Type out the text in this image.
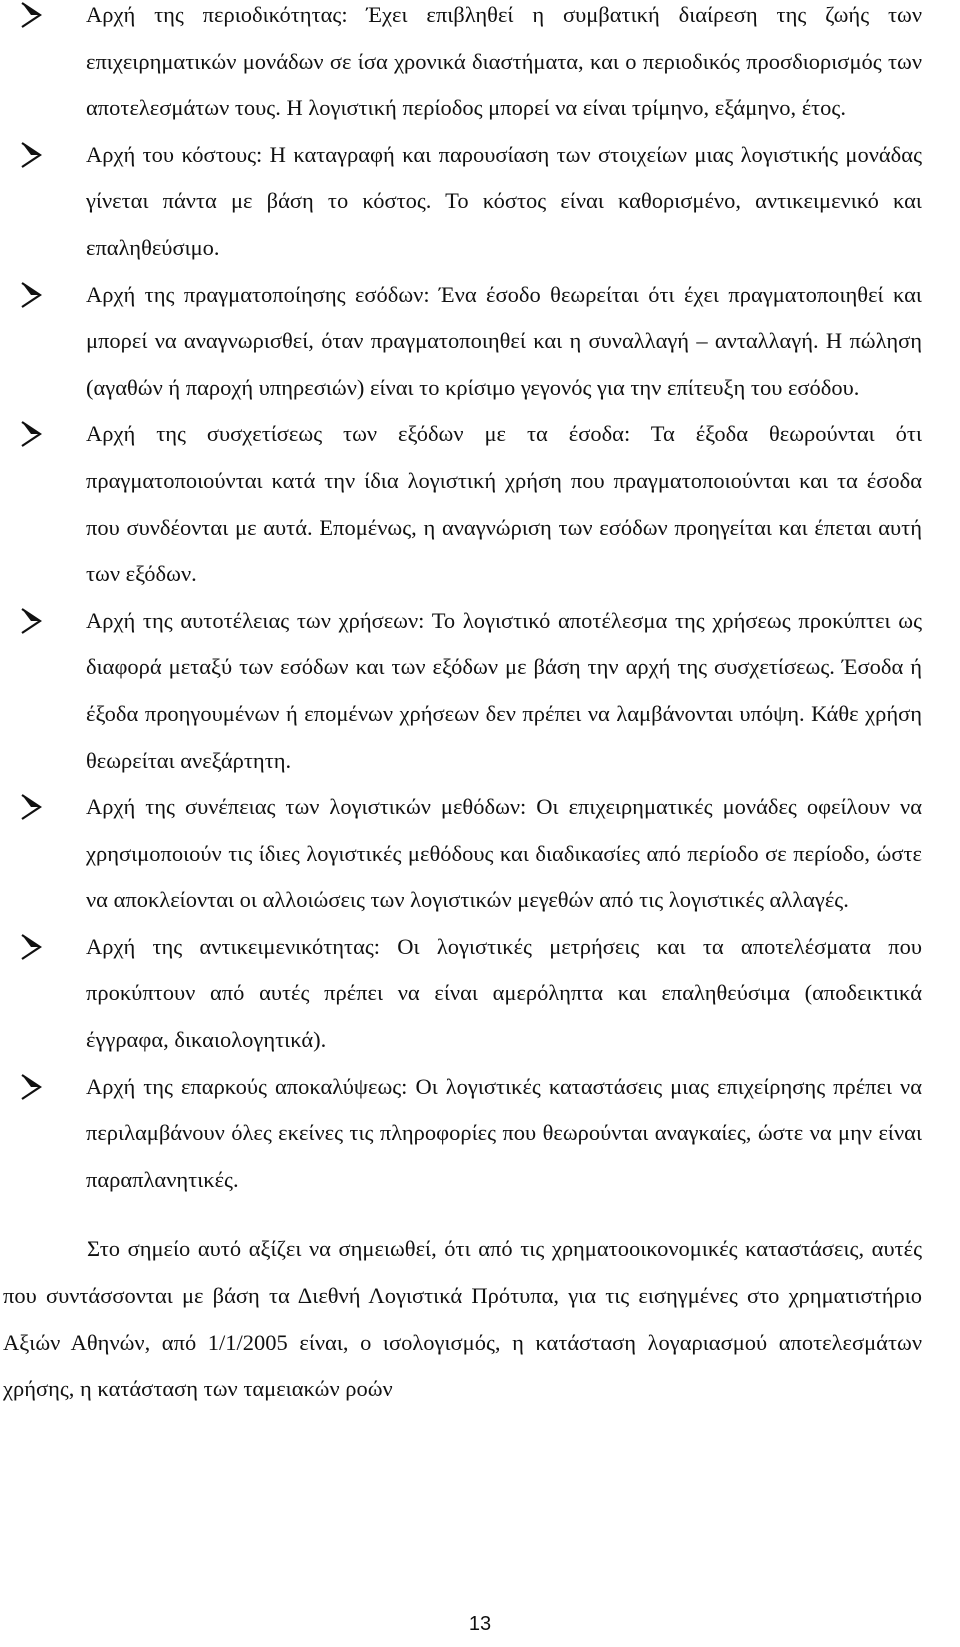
Αρχή της περιοδικότητας: Έχει επιβληθεί η συμβατική διαίρεση της ζωής των επιχειρηματικών μονάδων σε ίσα χρονικά διαστήματα, και ο περιοδικός προσδιορισμός των αποτελεσμάτων τους. Η λογιστική περίοδος μπορεί να είναι τρίμηνο, εξάμηνο, έτος.
Αρχή του κόστους: Η καταγραφή και παρουσίαση των στοιχείων μιας λογιστικής μονάδας γίνεται πάντα με βάση το κόστος. Το κόστος είναι καθορισμένο, αντικειμενικό και επαληθεύσιμο.
Αρχή της πραγματοποίησης εσόδων: Ένα έσοδο θεωρείται ότι έχει πραγματοποιηθεί και μπορεί να αναγνωρισθεί, όταν πραγματοποιηθεί και η συναλλαγή – ανταλλαγή. Η πώληση (αγαθών ή παροχή υπηρεσιών) είναι το κρίσιμο γεγονός για την επίτευξη του εσόδου.
Αρχή της συσχετίσεως των εξόδων με τα έσοδα: Τα έξοδα θεωρούνται ότι πραγματοποιούνται κατά την ίδια λογιστική χρήση που πραγματοποιούνται και τα έσοδα που συνδέονται με αυτά. Επομένως, η αναγνώριση των εσόδων προηγείται και έπεται αυτή των εξόδων.
Αρχή της αυτοτέλειας των χρήσεων: Το λογιστικό αποτέλεσμα της χρήσεως προκύπτει ως διαφορά μεταξύ των εσόδων και των εξόδων με βάση την αρχή της συσχετίσεως. Έσοδα ή έξοδα προηγουμένων ή επομένων χρήσεων δεν πρέπει να λαμβάνονται υπόψη. Κάθε χρήση θεωρείται ανεξάρτητη.
Αρχή της συνέπειας των λογιστικών μεθόδων: Οι επιχειρηματικές μονάδες οφείλουν να χρησιμοποιούν τις ίδιες λογιστικές μεθόδους και διαδικασίες από περίοδο σε περίοδο, ώστε να αποκλείονται οι αλλοιώσεις των λογιστικών μεγεθών από τις λογιστικές αλλαγές.
Αρχή της αντικειμενικότητας: Οι λογιστικές μετρήσεις και τα αποτελέσματα που προκύπτουν από αυτές πρέπει να είναι αμερόληπτα και επαληθεύσιμα (αποδεικτικά έγγραφα, δικαιολογητικά).
Αρχή της επαρκούς αποκαλύψεως: Οι λογιστικές καταστάσεις μιας επιχείρησης πρέπει να περιλαμβάνουν όλες εκείνες τις πληροφορίες που θεωρούνται αναγκαίες, ώστε να μην είναι παραπλανητικές.

Στο σημείο αυτό αξίζει να σημειωθεί, ότι από τις χρηματοοικονομικές καταστάσεις, αυτές που συντάσσονται με βάση τα Διεθνή Λογιστικά Πρότυπα, για τις εισηγμένες στο χρηματιστήριο Αξιών Αθηνών, από 1/1/2005 είναι, ο ισολογισμός, η κατάσταση λογαριασμού αποτελεσμάτων χρήσης, η κατάσταση των ταμειακών ροών

13
